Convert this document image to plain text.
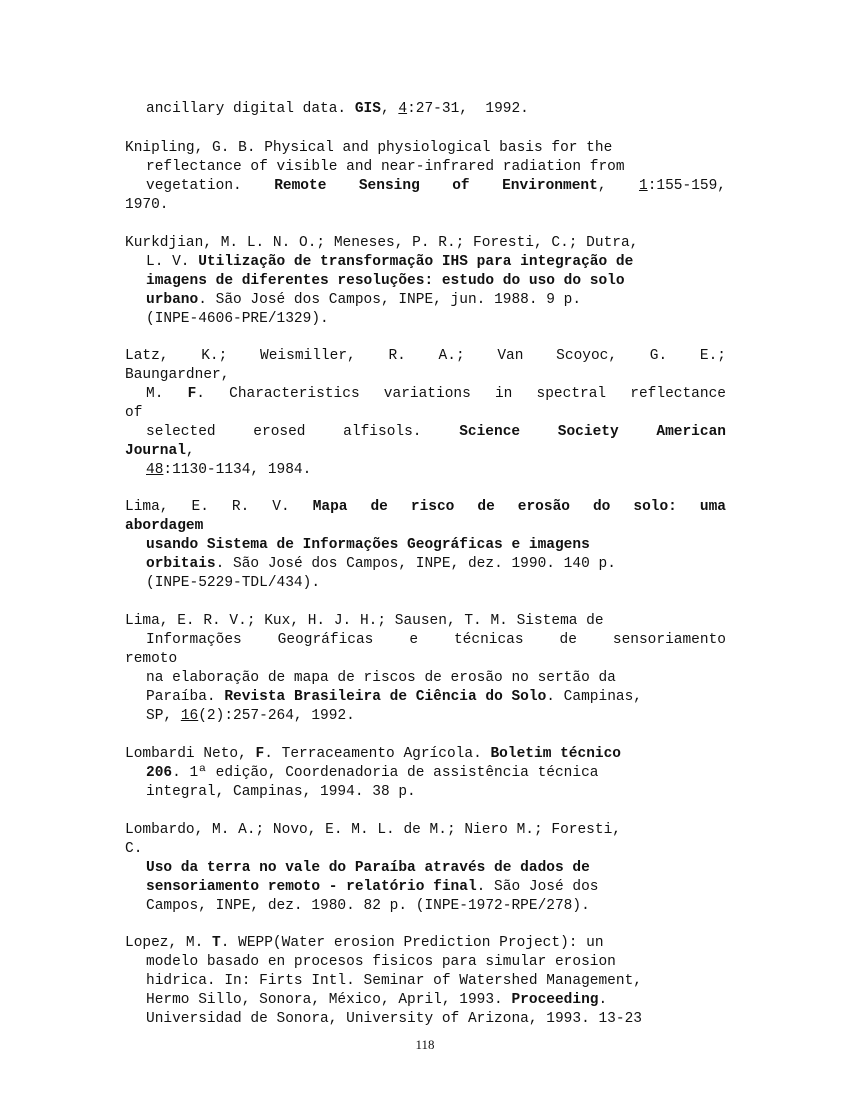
ancillary digital data. GIS, 4:27-31,  1992.
Knipling, G. B. Physical and physiological basis for the
reflectance of visible and near-infrared radiation from
vegetation. Remote Sensing of Environment, 1:155-159,
1970.
Kurkdjian, M. L. N. O.; Meneses, P. R.; Foresti, C.; Dutra,
L. V. Utilização de transformação IHS para integração de
imagens de diferentes resoluções: estudo do uso do solo
urbano. São José dos Campos, INPE, jun. 1988. 9 p.
(INPE-4606-PRE/1329).
Latz, K.; Weismiller, R. A.; Van Scoyoc, G. E.;
Baungardner,
M. F. Characteristics variations in spectral reflectance
of
selected erosed alfisols. Science Society American
Journal,
48:1130-1134, 1984.
Lima, E. R. V. Mapa de risco de erosão do solo: uma
abordagem
usando Sistema de Informações Geográficas e imagens
orbitais. São José dos Campos, INPE, dez. 1990. 140 p.
(INPE-5229-TDL/434).
Lima, E. R. V.; Kux, H. J. H.; Sausen, T. M. Sistema de
Informações Geográficas e técnicas de sensoriamento
remoto
na elaboração de mapa de riscos de erosão no sertão da
Paraíba. Revista Brasileira de Ciência do Solo. Campinas,
SP, 16(2):257-264, 1992.
Lombardi Neto, F. Terraceamento Agrícola. Boletim técnico
206. 1ª edição, Coordenadoria de assistência técnica
integral, Campinas, 1994. 38 p.
Lombardo, M. A.; Novo, E. M. L. de M.; Niero M.; Foresti,
C.
Uso da terra no vale do Paraíba através de dados de
sensoriamento remoto - relatório final. São José dos
Campos, INPE, dez. 1980. 82 p. (INPE-1972-RPE/278).
Lopez, M. T. WEPP(Water erosion Prediction Project): un
modelo basado en procesos fisicos para simular erosion
hidrica. In: Firts Intl. Seminar of Watershed Management,
Hermo Sillo, Sonora, México, April, 1993. Proceeding.
Universidad de Sonora, University of Arizona, 1993. 13-23
118
